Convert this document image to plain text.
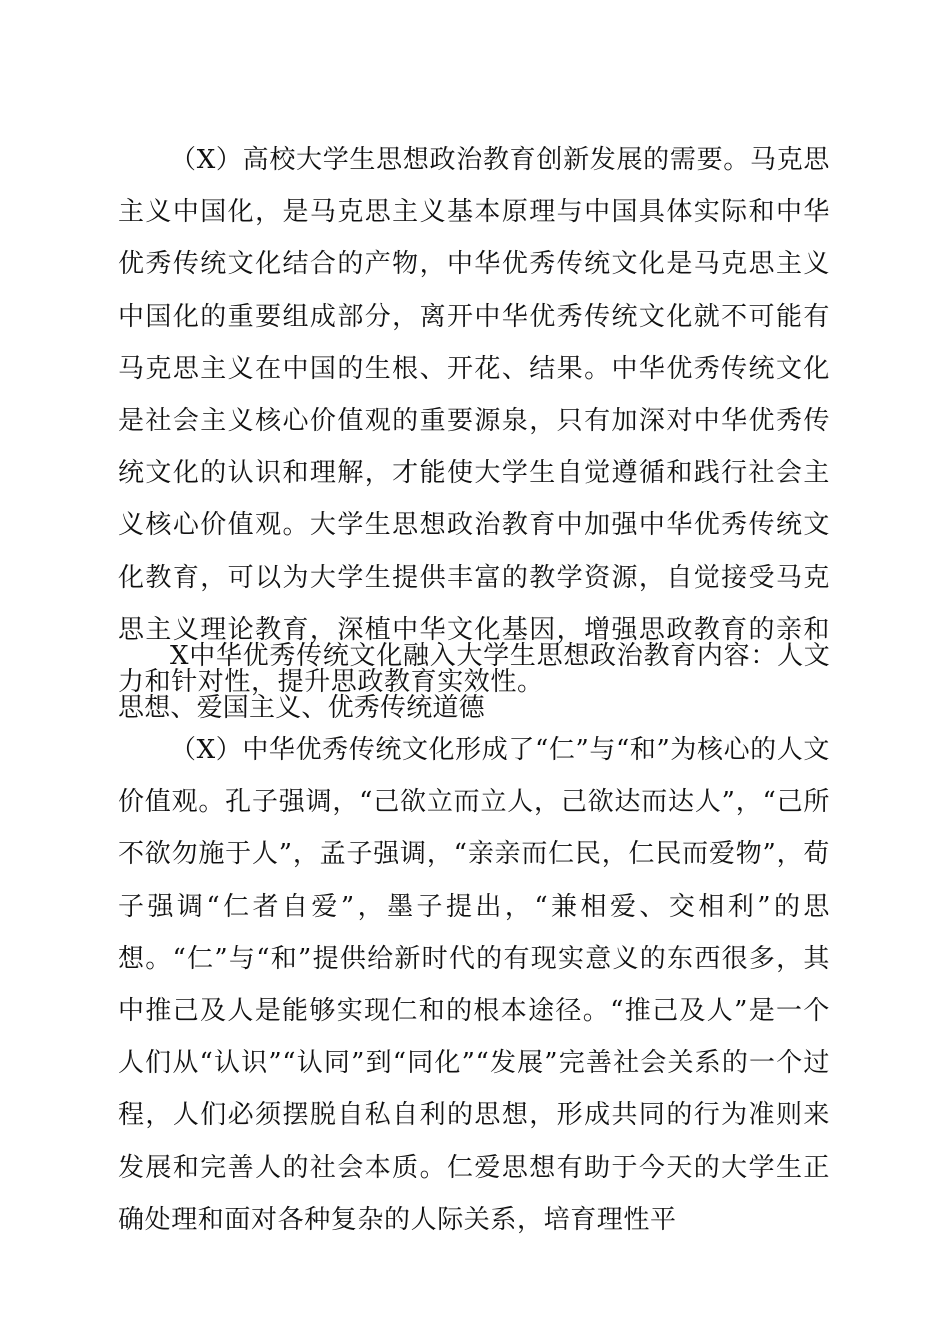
（X）高校大学生思想政治教育创新发展的需要。马克思主义中国化，是马克思主义基本原理与中国具体实际和中华优秀传统文化结合的产物，中华优秀传统文化是马克思主义中国化的重要组成部分，离开中华优秀传统文化就不可能有马克思主义在中国的生根、开花、结果。中华优秀传统文化是社会主义核心价值观的重要源泉，只有加深对中华优秀传统文化的认识和理解，才能使大学生自觉遵循和践行社会主义核心价值观。大学生思想政治教育中加强中华优秀传统文化教育，可以为大学生提供丰富的教学资源，自觉接受马克思主义理论教育，深植中华文化基因，增强思政教育的亲和力和针对性，提升思政教育实效性。

X中华优秀传统文化融入大学生思想政治教育内容：人文思想、爱国主义、优秀传统道德

（X）中华优秀传统文化形成了“仁”与“和”为核心的人文价值观。孔子强调，“己欲立而立人，己欲达而达人”，“己所不欲勿施于人”，孟子强调，“亲亲而仁民，仁民而爱物”，荀子强调“仁者自爱”，墨子提出，“兼相爱、交相利”的思想。“仁”与“和”提供给新时代的有现实意义的东西很多，其中推己及人是能够实现仁和的根本途径。“推己及人”是一个人们从“认识”“认同”到“同化”“发展”完善社会关系的一个过程，人们必须摆脱自私自利的思想，形成共同的行为准则来发展和完善人的社会本质。仁爱思想有助于今天的大学生正确处理和面对各种复杂的人际关系，培育理性平
